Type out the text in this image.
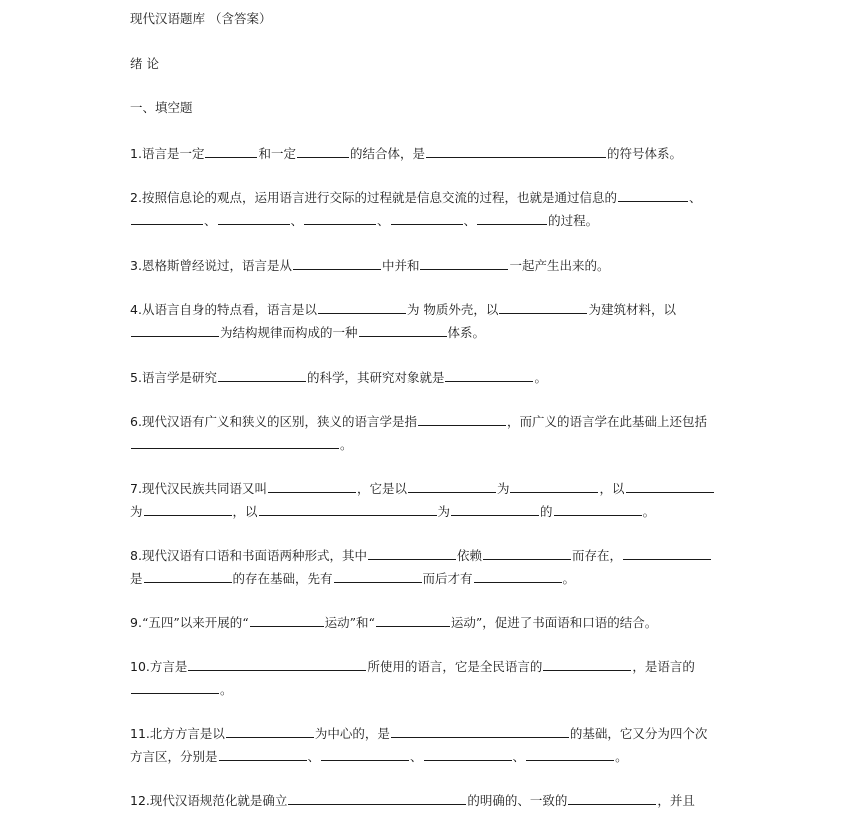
现代汉语题库 （含答案）
绪 论
一、填空题
1.语言是一定	和一定	的结合体，是	的符号体系。
2.按照信息论的观点，运用语言进行交际的过程就是信息交流的过程，也就是通过信息的	、
、	、	、	、	的过程。
3.恩格斯曾经说过，语言是从	中并和	一起产生出来的。
4.从语言自身的特点看，语言是以	为 物质外壳，以	为建筑材料，以
为结构规律而构成的一种	体系。
5.语言学是研究	的科学，其研究对象就是	。
6.现代汉语有广义和狭义的区别，狭义的语言学是指	，而广义的语言学在此基础上还包括
。
7.现代汉民族共同语又叫	，它是以	为	，以
为	，以	为	的	。
8.现代汉语有口语和书面语两种形式，其中	依赖	而存在，
是	的存在基础，先有	而后才有	。
9.“五四”以来开展的“	运动”和“	运动”，促进了书面语和口语的结合。
10.方言是	所使用的语言，它是全民语言的	，是语言的
。
11.北方方言是以	为中心的，是	的基础，它又分为四个次
方言区，分别是	、	、	、	。
12.现代汉语规范化就是确立	的明确的、一致的	，并且
